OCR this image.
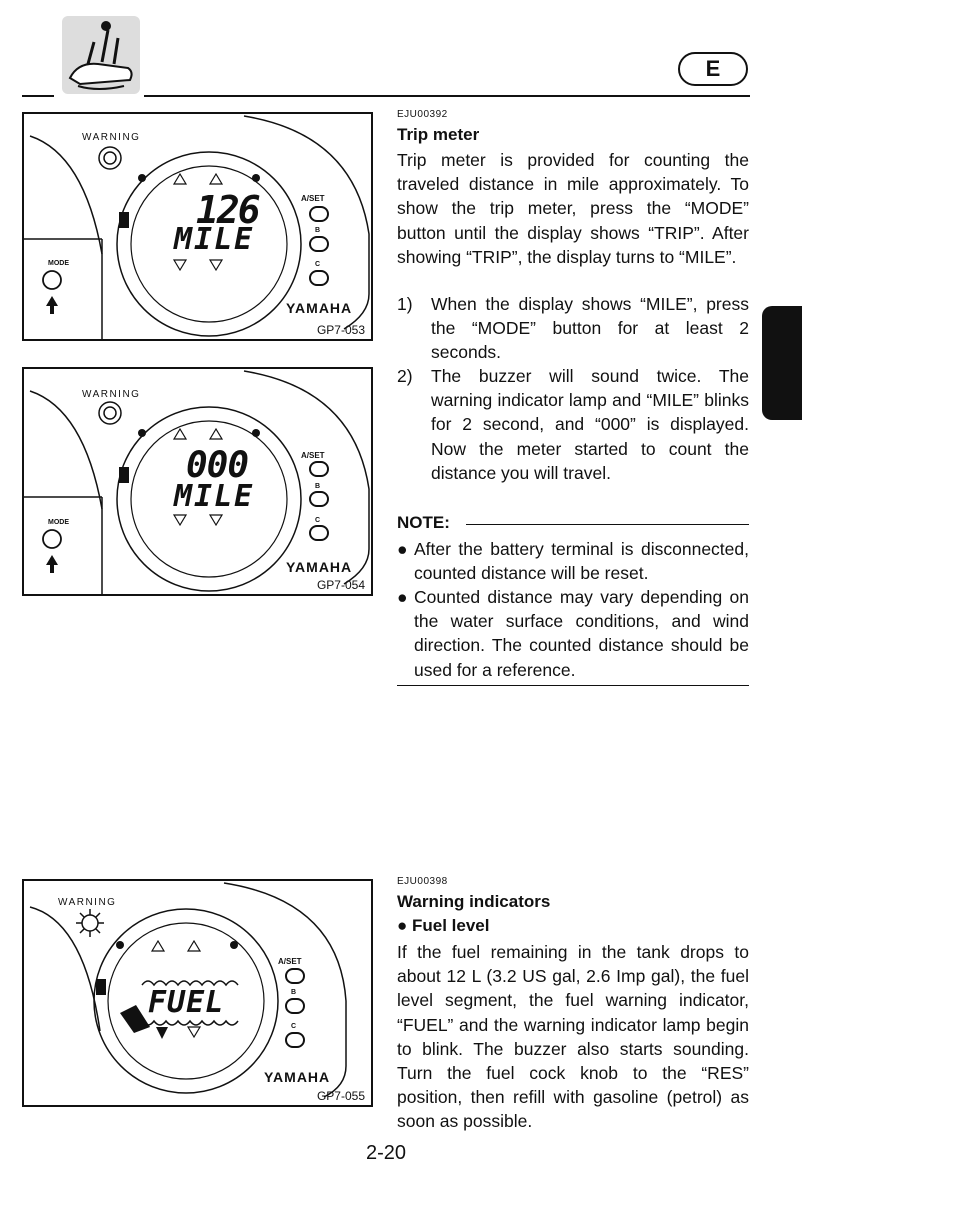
E
WARNING
MODE
A/SET
B
126
MILE
C
YAMAHA
GP7-053
WARNING
MODE
A/SET
B
000
MILE
C
YAMAHA
GP7-054
WARNING
A/SET
B
FUEL
C
YAMAHA
GP7-055
EJU00392
Trip meter
Trip meter is provided for counting the traveled distance in mile approximately. To show the trip meter, press the “MODE” button until the display shows “TRIP”. After showing “TRIP”, the display turns to “MILE”.
1) When the display shows “MILE”, press the “MODE” button for at least 2 seconds.
2) The buzzer will sound twice. The warning indicator lamp and “MILE” blinks for 2 second, and “000” is displayed. Now the meter started to count the distance you will travel.
NOTE:
● After the battery terminal is disconnected, counted distance will be reset.
● Counted distance may vary depending on the water surface conditions, and wind direction. The counted distance should be used for a reference.
EJU00398
Warning indicators
● Fuel level
If the fuel remaining in the tank drops to about 12 L (3.2 US gal, 2.6 Imp gal), the fuel level segment, the fuel warning indicator, “FUEL” and the warning indicator lamp begin to blink. The buzzer also starts sounding. Turn the fuel cock knob to the “RES” position, then refill with gasoline (petrol) as soon as possible.
2-20
